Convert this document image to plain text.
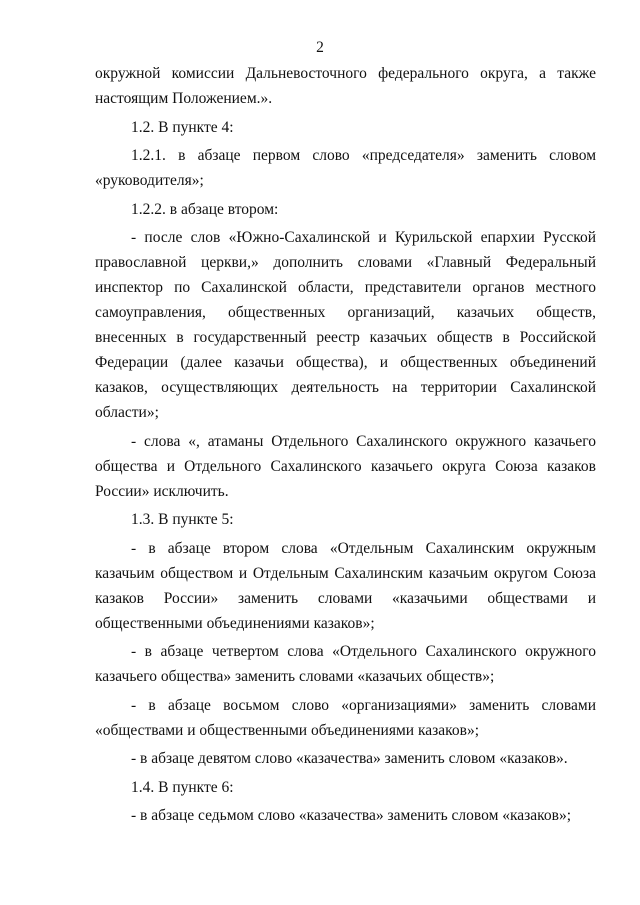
2

окружной комиссии Дальневосточного федерального округа, а также настоящим Положением.».

1.2. В пункте 4:

1.2.1. в абзаце первом слово «председателя» заменить словом «руководителя»;

1.2.2. в абзаце втором:

- после слов «Южно-Сахалинской и Курильской епархии Русской православной церкви,» дополнить словами «Главный Федеральный инспектор по Сахалинской области, представители органов местного самоуправления, общественных организаций, казачьих обществ, внесенных в государственный реестр казачьих обществ в Российской Федерации (далее казачьи общества), и общественных объединений казаков, осуществляющих деятельность на территории Сахалинской области»;

- слова «, атаманы Отдельного Сахалинского окружного казачьего общества и Отдельного Сахалинского казачьего округа Союза казаков России» исключить.

1.3. В пункте 5:

- в абзаце втором слова «Отдельным Сахалинским окружным казачьим обществом и Отдельным Сахалинским казачьим округом Союза казаков России» заменить словами «казачьими обществами и общественными объединениями казаков»;

- в абзаце четвертом слова «Отдельного Сахалинского окружного казачьего общества» заменить словами «казачьих обществ»;

- в абзаце восьмом слово «организациями» заменить словами «обществами и общественными объединениями казаков»;

- в абзаце девятом слово «казачества» заменить словом «казаков».

1.4. В пункте 6:

- в абзаце седьмом слово «казачества» заменить словом «казаков»;
